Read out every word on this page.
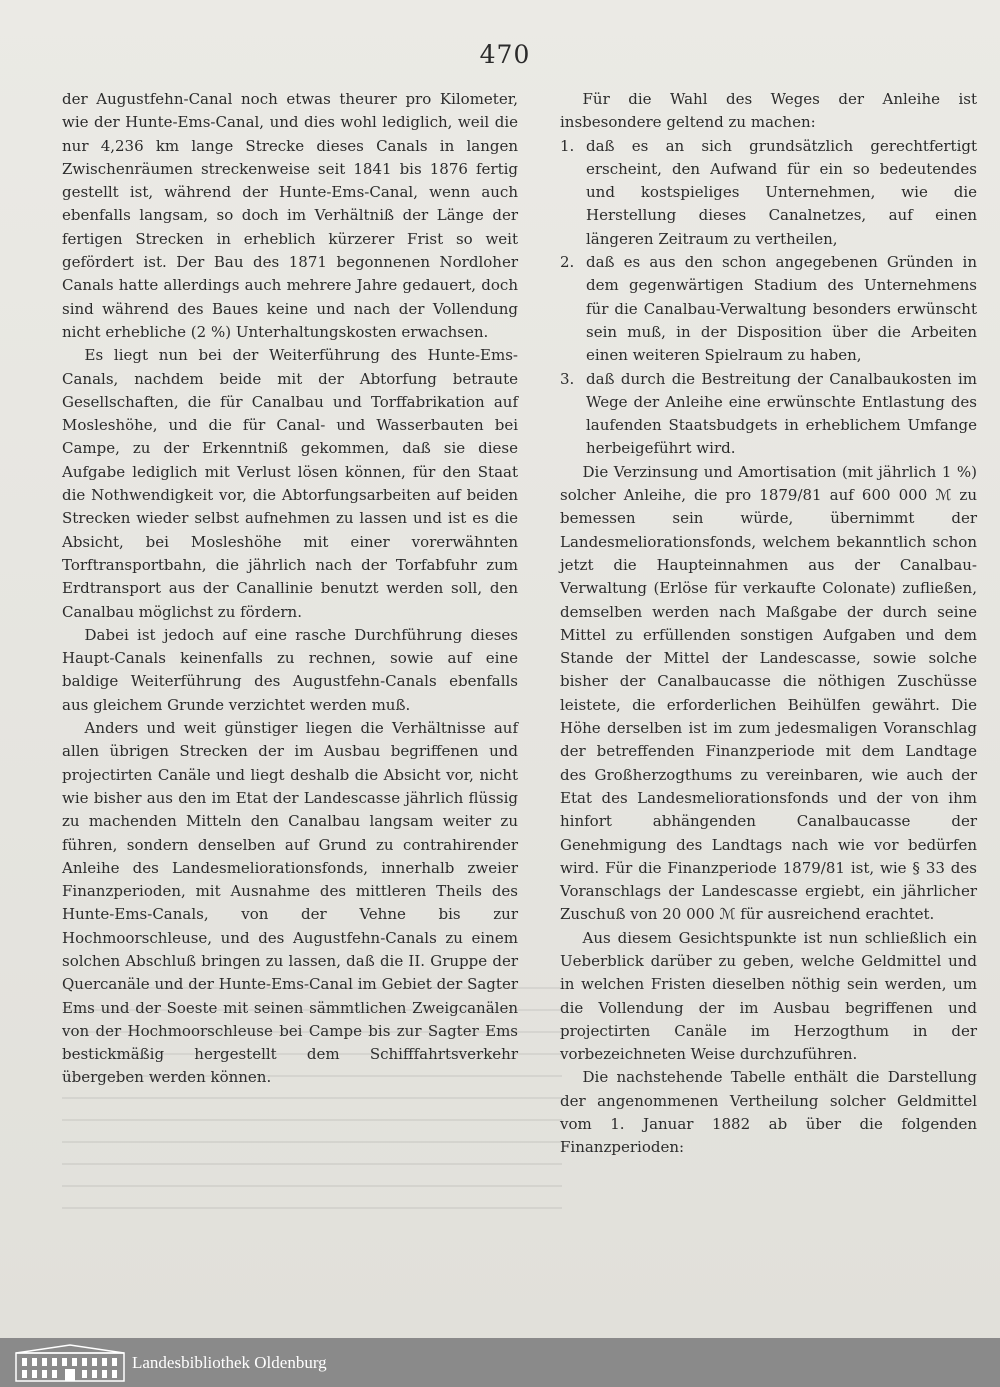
470

der Augustfehn-Canal noch etwas theurer pro Kilometer, wie der Hunte-Ems-Canal, und dies wohl lediglich, weil die nur 4,236 km lange Strecke dieses Canals in langen Zwischenräumen streckenweise seit 1841 bis 1876 fertig gestellt ist, während der Hunte-Ems-Canal, wenn auch ebenfalls langsam, so doch im Verhältniß der Länge der fertigen Strecken in erheblich kürzerer Frist so weit gefördert ist. Der Bau des 1871 begonnenen Nordloher Canals hatte allerdings auch mehrere Jahre gedauert, doch sind während des Baues keine und nach der Vollendung nicht erhebliche (2 %) Unterhaltungskosten erwachsen.

Es liegt nun bei der Weiterführung des Hunte-Ems-Canals, nachdem beide mit der Abtorfung betraute Gesellschaften, die für Canalbau und Torffabrikation auf Mosleshöhe, und die für Canal- und Wasserbauten bei Campe, zu der Erkenntniß gekommen, daß sie diese Aufgabe lediglich mit Verlust lösen können, für den Staat die Nothwendigkeit vor, die Abtorfungsarbeiten auf beiden Strecken wieder selbst aufnehmen zu lassen und ist es die Absicht, bei Mosleshöhe mit einer vorerwähnten Torftransportbahn, die jährlich nach der Torfabfuhr zum Erdtransport aus der Canallinie benutzt werden soll, den Canalbau möglichst zu fördern.

Dabei ist jedoch auf eine rasche Durchführung dieses Haupt-Canals keinenfalls zu rechnen, sowie auf eine baldige Weiterführung des Augustfehn-Canals ebenfalls aus gleichem Grunde verzichtet werden muß.

Anders und weit günstiger liegen die Verhältnisse auf allen übrigen Strecken der im Ausbau begriffenen und projectirten Canäle und liegt deshalb die Absicht vor, nicht wie bisher aus den im Etat der Landescasse jährlich flüssig zu machenden Mitteln den Canalbau langsam weiter zu führen, sondern denselben auf Grund zu contrahirender Anleihe des Landesmeliorationsfonds, innerhalb zweier Finanzperioden, mit Ausnahme des mittleren Theils des Hunte-Ems-Canals, von der Vehne bis zur Hochmoorschleuse, und des Augustfehn-Canals zu einem solchen Abschluß bringen zu lassen, daß die II. Gruppe der Quercanäle und der Hunte-Ems-Canal im Gebiet der Sagter Ems und der Soeste mit seinen sämmtlichen Zweigcanälen von der Hochmoorschleuse bei Campe bis zur Sagter Ems bestickmäßig hergestellt dem Schifffahrtsverkehr übergeben werden können.

Für die Wahl des Weges der Anleihe ist insbesondere geltend zu machen:

1. daß es an sich grundsätzlich gerechtfertigt erscheint, den Aufwand für ein so bedeutendes und kostspieliges Unternehmen, wie die Herstellung dieses Canalnetzes, auf einen längeren Zeitraum zu vertheilen,
2. daß es aus den schon angegebenen Gründen in dem gegenwärtigen Stadium des Unternehmens für die Canalbau-Verwaltung besonders erwünscht sein muß, in der Disposition über die Arbeiten einen weiteren Spielraum zu haben,
3. daß durch die Bestreitung der Canalbaukosten im Wege der Anleihe eine erwünschte Entlastung des laufenden Staatsbudgets in erheblichem Umfange herbeigeführt wird.

Die Verzinsung und Amortisation (mit jährlich 1 %) solcher Anleihe, die pro 1879/81 auf 600 000 ℳ zu bemessen sein würde, übernimmt der Landesmeliorationsfonds, welchem bekanntlich schon jetzt die Haupteinnahmen aus der Canalbau-Verwaltung (Erlöse für verkaufte Colonate) zufließen, demselben werden nach Maßgabe der durch seine Mittel zu erfüllenden sonstigen Aufgaben und dem Stande der Mittel der Landescasse, sowie solche bisher der Canalbaucasse die nöthigen Zuschüsse leistete, die erforderlichen Beihülfen gewährt. Die Höhe derselben ist im zum jedesmaligen Voranschlag der betreffenden Finanzperiode mit dem Landtage des Großherzogthums zu vereinbaren, wie auch der Etat des Landesmeliorationsfonds und der von ihm hinfort abhängenden Canalbaucasse der Genehmigung des Landtags nach wie vor bedürfen wird. Für die Finanzperiode 1879/81 ist, wie § 33 des Voranschlags der Landescasse ergiebt, ein jährlicher Zuschuß von 20 000 ℳ für ausreichend erachtet.

Aus diesem Gesichtspunkte ist nun schließlich ein Ueberblick darüber zu geben, welche Geldmittel und in welchen Fristen dieselben nöthig sein werden, um die Vollendung der im Ausbau begriffenen und projectirten Canäle im Herzogthum in der vorbezeichneten Weise durchzuführen.

Die nachstehende Tabelle enthält die Darstellung der angenommenen Vertheilung solcher Geldmittel vom 1. Januar 1882 ab über die folgenden Finanzperioden:

Landesbibliothek Oldenburg
